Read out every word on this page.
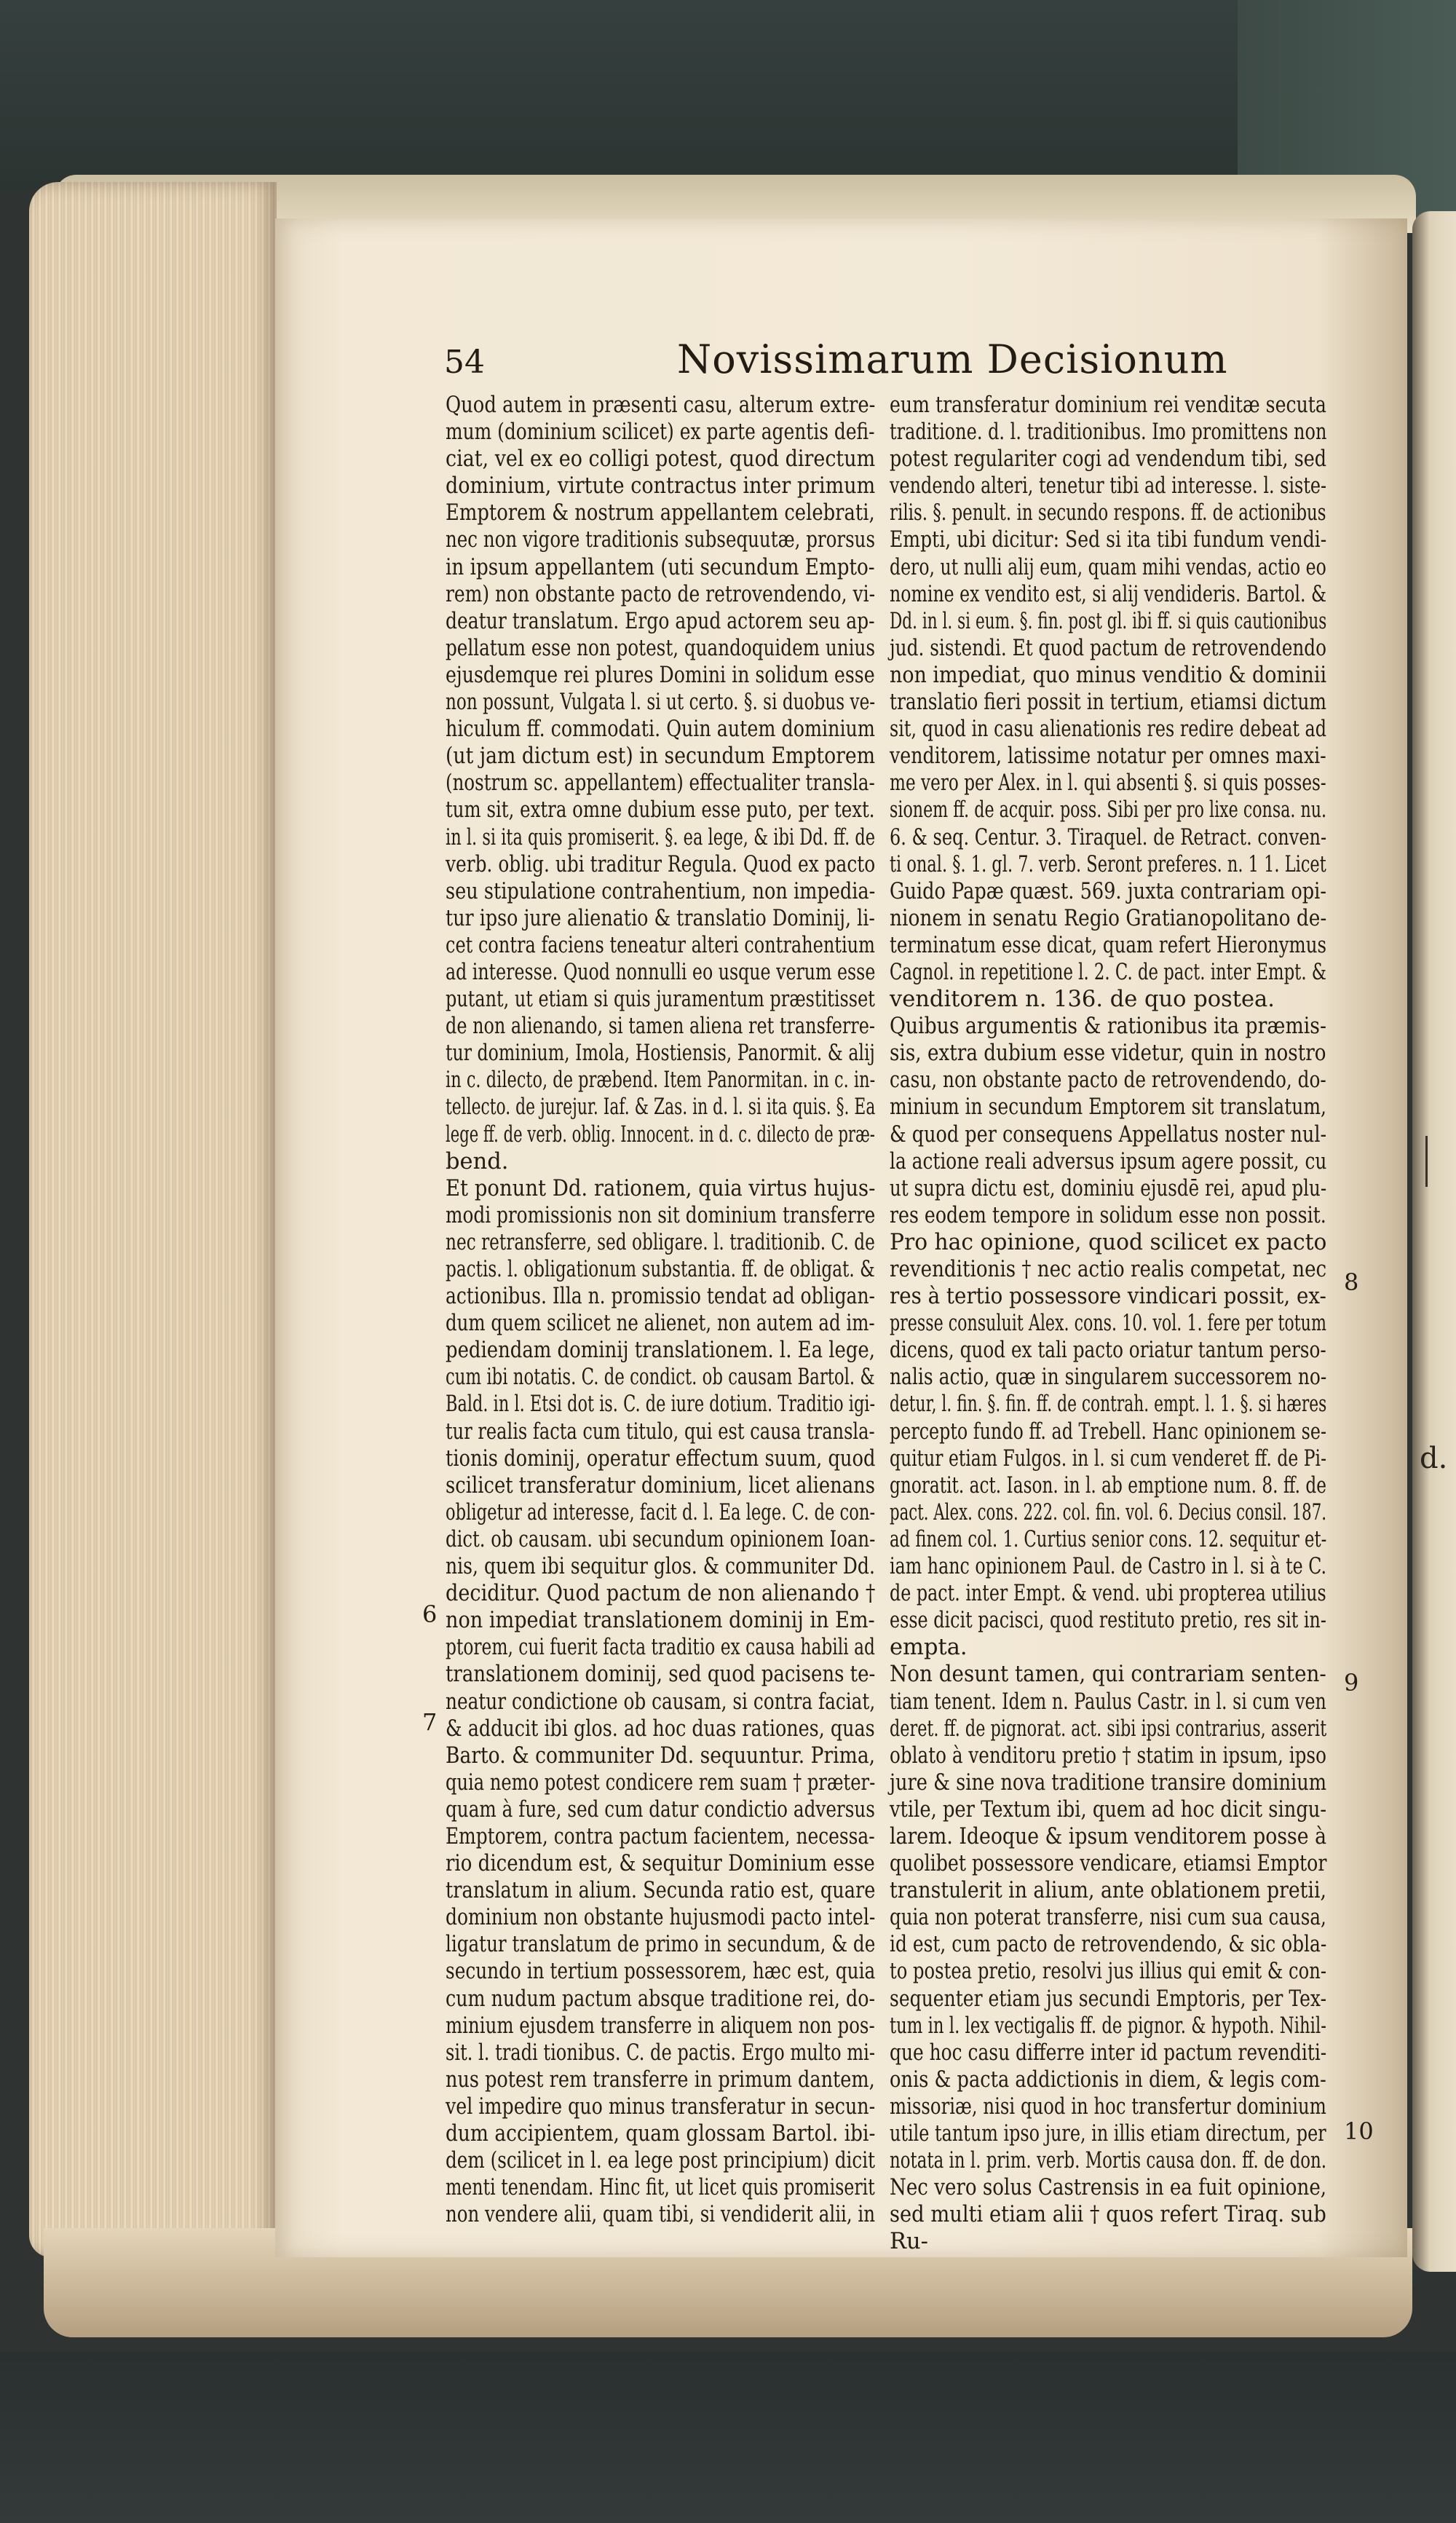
d.
54	Novissimarum Decisionum

Quod autem in præsenti casu, alterum extre-

mum (dominium scilicet) ex parte agentis defi-

ciat, vel ex eo colligi potest, quod directum

dominium, virtute contractus inter primum

Emptorem & nostrum appellantem celebrati,

nec non vigore traditionis subsequutæ, prorsus

in ipsum appellantem (uti secundum Empto-

rem) non obstante pacto de retrovendendo, vi-

deatur translatum. Ergo apud actorem seu ap-

pellatum esse non potest, quandoquidem unius

ejusdemque rei plures Domini in solidum esse

non possunt, Vulgata l. si ut certo. §. si duobus ve-

hiculum ff. commodati. Quin autem dominium

(ut jam dictum est) in secundum Emptorem

(nostrum sc. appellantem) effectualiter transla-

tum sit, extra omne dubium esse puto, per text.

in l. si ita quis promiserit. §. ea lege, & ibi Dd. ff. de

verb. oblig. ubi traditur Regula. Quod ex pacto

seu stipulatione contrahentium, non impedia-

tur ipso jure alienatio & translatio Dominij, li-

cet contra faciens teneatur alteri contrahentium

ad interesse. Quod nonnulli eo usque verum esse

putant, ut etiam si quis juramentum præstitisset

de non alienando, si tamen aliena ret transferre-

tur dominium, Imola, Hostiensis, Panormit. & alij

in c. dilecto, de præbend. Item Panormitan. in c. in-

tellecto. de jurejur. Iaf. & Zas. in d. l. si ita quis. §. Ea

lege ff. de verb. oblig. Innocent. in d. c. dilecto de præ-

bend.

Et ponunt Dd. rationem, quia virtus hujus-

modi promissionis non sit dominium transferre

nec retransferre, sed obligare. l. traditionib. C. de

pactis. l. obligationum substantia. ff. de obligat. &

actionibus. Illa n. promissio tendat ad obligan-

dum quem scilicet ne alienet, non autem ad im-

pediendam dominij translationem. l. Ea lege,

cum ibi notatis. C. de condict. ob causam Bartol. &

Bald. in l. Etsi dot is. C. de iure dotium. Traditio igi-

tur realis facta cum titulo, qui est causa transla-

tionis dominij, operatur effectum suum, quod

scilicet transferatur dominium, licet alienans

obligetur ad interesse, facit d. l. Ea lege. C. de con-

dict. ob causam. ubi secundum opinionem Ioan-

nis, quem ibi sequitur glos. & communiter Dd.

deciditur. Quod pactum de non alienando †

non impediat translationem dominij in Em-

ptorem, cui fuerit facta traditio ex causa habili ad

translationem dominij, sed quod pacisens te-

neatur condictione ob causam, si contra faciat,

& adducit ibi glos. ad hoc duas rationes, quas

Barto. & communiter Dd. sequuntur. Prima,

quia nemo potest condicere rem suam † præter-

quam à fure, sed cum datur condictio adversus

Emptorem, contra pactum facientem, necessa-

rio dicendum est, & sequitur Dominium esse

translatum in alium. Secunda ratio est, quare

dominium non obstante hujusmodi pacto intel-

ligatur translatum de primo in secundum, & de

secundo in tertium possessorem, hæc est, quia

cum nudum pactum absque traditione rei, do-

minium ejusdem transferre in aliquem non pos-

sit. l. tradi tionibus. C. de pactis. Ergo multo mi-

nus potest rem transferre in primum dantem,

vel impedire quo minus transferatur in secun-

dum accipientem, quam glossam Bartol. ibi-

dem (scilicet in l. ea lege post principium) dicit

menti tenendam. Hinc fit, ut licet quis promiserit

non vendere alii, quam tibi, si vendiderit alii, in

eum transferatur dominium rei venditæ secuta

traditione. d. l. traditionibus. Imo promittens non

potest regulariter cogi ad vendendum tibi, sed

vendendo alteri, tenetur tibi ad interesse. l. siste-

rilis. §. penult. in secundo respons. ff. de actionibus

Empti, ubi dicitur: Sed si ita tibi fundum vendi-

dero, ut nulli alij eum, quam mihi vendas, actio eo

nomine ex vendito est, si alij vendideris. Bartol. &

Dd. in l. si eum. §. fin. post gl. ibi ff. si quis cautionibus

jud. sistendi. Et quod pactum de retrovendendo

non impediat, quo minus venditio & dominii

translatio fieri possit in tertium, etiamsi dictum

sit, quod in casu alienationis res redire debeat ad

venditorem, latissime notatur per omnes maxi-

me vero per Alex. in l. qui absenti §. si quis posses-

sionem ff. de acquir. poss. Sibi per pro lixe consa. nu.

6. & seq. Centur. 3. Tiraquel. de Retract. conven-

ti onal. §. 1. gl. 7. verb. Seront preferes. n. 1 1. Licet

Guido Papæ quæst. 569. juxta contrariam opi-

nionem in senatu Regio Gratianopolitano de-

terminatum esse dicat, quam refert Hieronymus

Cagnol. in repetitione l. 2. C. de pact. inter Empt. &

venditorem n. 136. de quo postea.

Quibus argumentis & rationibus ita præmis-

sis, extra dubium esse videtur, quin in nostro

casu, non obstante pacto de retrovendendo, do-

minium in secundum Emptorem sit translatum,

& quod per consequens Appellatus noster nul-

la actione reali adversus ipsum agere possit, cu

ut supra dictu est, dominiu ejusdē rei, apud plu-

res eodem tempore in solidum esse non possit.

Pro hac opinione, quod scilicet ex pacto

revenditionis † nec actio realis competat, nec

res à tertio possessore vindicari possit, ex-

presse consuluit Alex. cons. 10. vol. 1. fere per totum

dicens, quod ex tali pacto oriatur tantum perso-

nalis actio, quæ in singularem successorem no-

detur, l. fin. §. fin. ff. de contrah. empt. l. 1. §. si hæres

percepto fundo ff. ad Trebell. Hanc opinionem se-

quitur etiam Fulgos. in l. si cum venderet ff. de Pi-

gnoratit. act. Iason. in l. ab emptione num. 8. ff. de

pact. Alex. cons. 222. col. fin. vol. 6. Decius consil. 187.

ad finem col. 1. Curtius senior cons. 12. sequitur et-

iam hanc opinionem Paul. de Castro in l. si à te C.

de pact. inter Empt. & vend. ubi propterea utilius

esse dicit pacisci, quod restituto pretio, res sit in-

empta.

Non desunt tamen, qui contrariam senten-

tiam tenent. Idem n. Paulus Castr. in l. si cum ven

deret. ff. de pignorat. act. sibi ipsi contrarius, asserit

oblato à venditoru pretio † statim in ipsum, ipso

jure & sine nova traditione transire dominium

vtile, per Textum ibi, quem ad hoc dicit singu-

larem. Ideoque & ipsum venditorem posse à

quolibet possessore vendicare, etiamsi Emptor

transtulerit in alium, ante oblationem pretii,

quia non poterat transferre, nisi cum sua causa,

id est, cum pacto de retrovendendo, & sic obla-

to postea pretio, resolvi jus illius qui emit & con-

sequenter etiam jus secundi Emptoris, per Tex-

tum in l. lex vectigalis ff. de pignor. & hypoth. Nihil-

que hoc casu differre inter id pactum revenditi-

onis & pacta addictionis in diem, & legis com-

missoriæ, nisi quod in hoc transfertur dominium

utile tantum ipso jure, in illis etiam directum, per

notata in l. prim. verb. Mortis causa don. ff. de don.

Nec vero solus Castrensis in ea fuit opinione,

sed multi etiam alii † quos refert Tiraq. sub

Ru-

6
7
8
9
10
